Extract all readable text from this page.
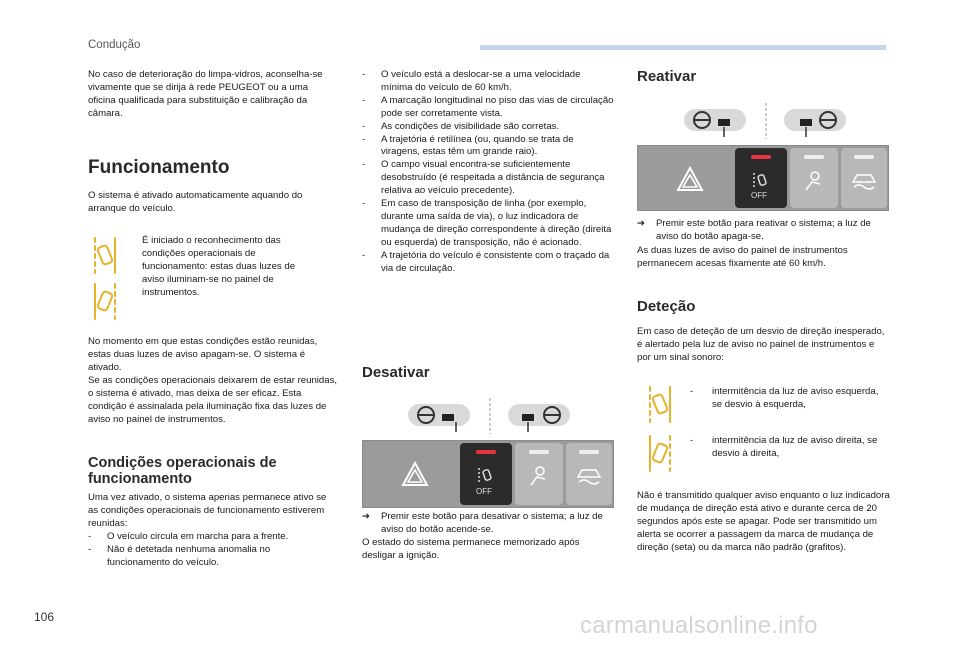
Condução
No caso de deterioração do limpa-vidros, aconselha-se vivamente que se dirija à rede PEUGEOT ou a uma oficina qualificada para substituição e calibração da câmara.
Funcionamento
O sistema é ativado automaticamente aquando do arranque do veículo.
É iniciado o reconhecimento das condições operacionais de funcionamento: estas duas luzes de aviso iluminam-se no painel de instrumentos.
No momento em que estas condições estão reunidas, estas duas luzes de aviso apagam-se. O sistema é ativado.
Se as condições operacionais deixarem de estar reunidas, o sistema é ativado, mas deixa de ser eficaz. Esta condição é assinalada pela iluminação fixa das luzes de aviso no painel de instrumentos.
Condições operacionais de funcionamento
Uma vez ativado, o sistema apenas permanece ativo se as condições operacionais de funcionamento estiverem reunidas:
- O veículo circula em marcha para a frente.
- Não é detetada nenhuma anomalia no funcionamento do veículo.
- O veículo está a deslocar-se a uma velocidade mínima do veículo de 60 km/h.
- A marcação longitudinal no piso das vias de circulação pode ser corretamente vista.
- As condições de visibilidade são corretas.
- A trajetória é retilínea (ou, quando se trata de viragens, estas têm um grande raio).
- O campo visual encontra-se suficientemente desobstruído (é respeitada a distância de segurança relativa ao veículo precedente).
- Em caso de transposição de linha (por exemplo, durante uma saída de via), o luz indicadora de mudança de direção correspondente à direção (direita ou esquerda) de transposição, não é acionado.
- A trajetória do veículo é consistente com o traçado da via de circulação.
Desativar
OFF
➔	Premir este botão para desativar o sistema; a luz de aviso do botão acende-se.
O estado do sistema permanece memorizado após desligar a ignição.
Reativar
OFF
➔	Premir este botão para reativar o sistema; a luz de aviso do botão apaga-se.
As duas luzes de aviso do painel de instrumentos permanecem acesas fixamente até 60 km/h.
Deteção
Em caso de deteção de um desvio de direção inesperado, é alertado pela luz de aviso no painel de instrumentos e por um sinal sonoro:
-	intermitência da luz de aviso esquerda, se desvio à esquerda,
-	intermitência da luz de aviso direita, se desvio à direita,
Não é transmitido qualquer aviso enquanto o luz indicadora de mudança de direção está ativo e durante cerca de 20 segundos após este se apagar. Pode ser transmitido um alerta se ocorrer a passagem da marca de mudança de direção (seta) ou da marca não padrão (grafitos).
106	carmanualsonline.info
